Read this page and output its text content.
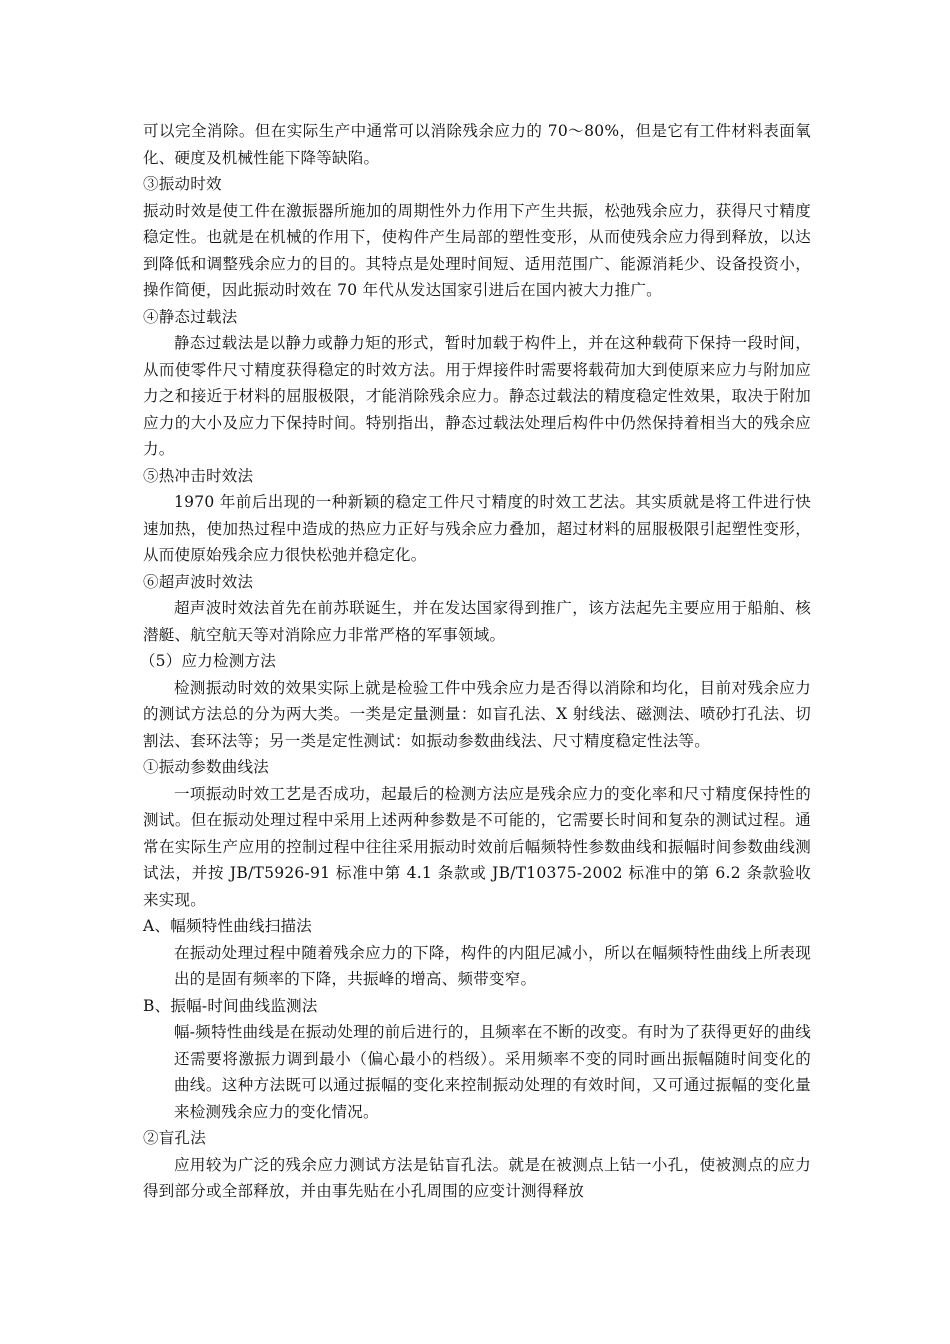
可以完全消除。但在实际生产中通常可以消除残余应力的 70～80%，但是它有工件材料表面氧化、硬度及机械性能下降等缺陷。

③振动时效

振动时效是使工件在激振器所施加的周期性外力作用下产生共振，松弛残余应力，获得尺寸精度稳定性。也就是在机械的作用下，使构件产生局部的塑性变形，从而使残余应力得到释放，以达到降低和调整残余应力的目的。其特点是处理时间短、适用范围广、能源消耗少、设备投资小，操作简便，因此振动时效在 70 年代从发达国家引进后在国内被大力推广。

④静态过载法

静态过载法是以静力或静力矩的形式，暂时加载于构件上，并在这种载荷下保持一段时间，从而使零件尺寸精度获得稳定的时效方法。用于焊接件时需要将载荷加大到使原来应力与附加应力之和接近于材料的屈服极限，才能消除残余应力。静态过载法的精度稳定性效果，取决于附加应力的大小及应力下保持时间。特别指出，静态过载法处理后构件中仍然保持着相当大的残余应力。

⑤热冲击时效法

1970 年前后出现的一种新颖的稳定工件尺寸精度的时效工艺法。其实质就是将工件进行快速加热，使加热过程中造成的热应力正好与残余应力叠加，超过材料的屈服极限引起塑性变形，从而使原始残余应力很快松弛并稳定化。

⑥超声波时效法

超声波时效法首先在前苏联诞生，并在发达国家得到推广，该方法起先主要应用于船舶、核潜艇、航空航天等对消除应力非常严格的军事领域。

（5）应力检测方法

检测振动时效的效果实际上就是检验工件中残余应力是否得以消除和均化，目前对残余应力的测试方法总的分为两大类。一类是定量测量：如盲孔法、X 射线法、磁测法、喷砂打孔法、切割法、套环法等；另一类是定性测试：如振动参数曲线法、尺寸精度稳定性法等。

①振动参数曲线法

一项振动时效工艺是否成功，起最后的检测方法应是残余应力的变化率和尺寸精度保持性的测试。但在振动处理过程中采用上述两种参数是不可能的，它需要长时间和复杂的测试过程。通常在实际生产应用的控制过程中往往采用振动时效前后幅频特性参数曲线和振幅时间参数曲线测试法，并按 JB/T5926-91 标准中第 4.1 条款或 JB/T10375-2002 标准中的第 6.2 条款验收来实现。

A、幅频特性曲线扫描法

在振动处理过程中随着残余应力的下降，构件的内阻尼减小，所以在幅频特性曲线上所表现出的是固有频率的下降，共振峰的增高、频带变窄。

B、振幅-时间曲线监测法

幅-频特性曲线是在振动处理的前后进行的，且频率在不断的改变。有时为了获得更好的曲线还需要将激振力调到最小（偏心最小的档级）。采用频率不变的同时画出振幅随时间变化的曲线。这种方法既可以通过振幅的变化来控制振动处理的有效时间，又可通过振幅的变化量来检测残余应力的变化情况。

②盲孔法

应用较为广泛的残余应力测试方法是钻盲孔法。就是在被测点上钻一小孔，使被测点的应力得到部分或全部释放，并由事先贴在小孔周围的应变计测得释放
